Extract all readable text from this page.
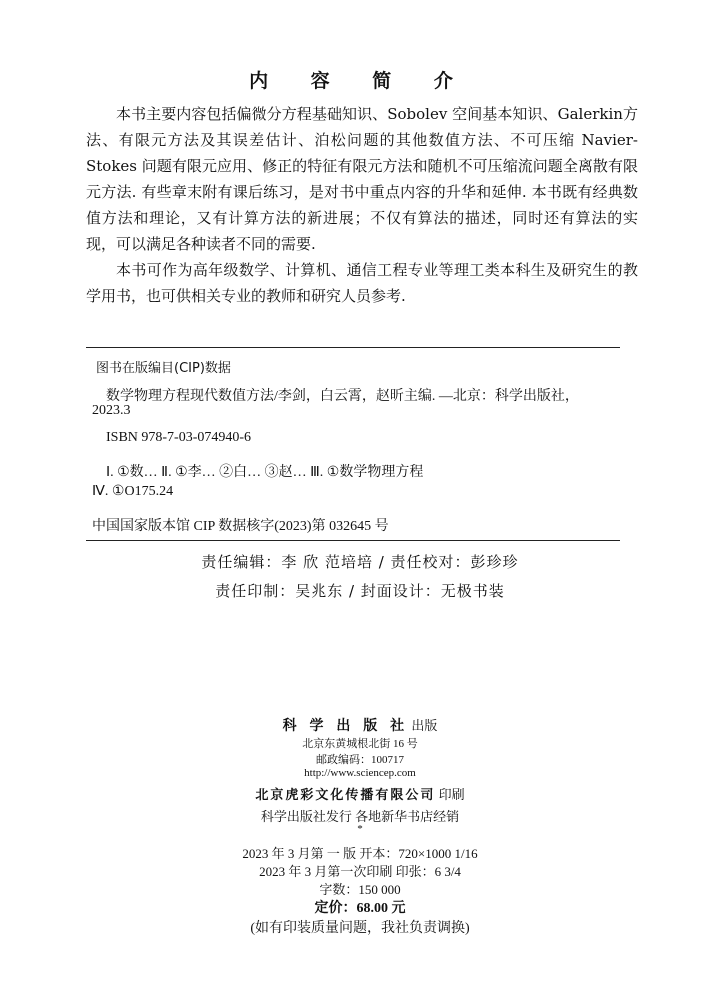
内 容 简 介

本书主要内容包括偏微分方程基础知识、Sobolev 空间基本知识、Galerkin方法、有限元方法及其误差估计、泊松问题的其他数值方法、不可压缩 Navier-Stokes 问题有限元应用、修正的特征有限元方法和随机不可压缩流问题全离散有限元方法. 有些章末附有课后练习，是对书中重点内容的升华和延伸. 本书既有经典数值方法和理论，又有计算方法的新进展；不仅有算法的描述，同时还有算法的实现，可以满足各种读者不同的需要.

本书可作为高年级数学、计算机、通信工程专业等理工类本科生及研究生的教学用书，也可供相关专业的教师和研究人员参考.

图书在版编目(CIP)数据
数学物理方程现代数值方法/李剑，白云霄，赵昕主编. —北京：科学出版社，
2023.3
ISBN 978-7-03-074940-6
Ⅰ. ①数… Ⅱ. ①李… ②白… ③赵… Ⅲ. ①数学物理方程
Ⅳ. ①O175.24
中国国家版本馆 CIP 数据核字(2023)第 032645 号
责任编辑：李 欣 范培培 / 责任校对：彭珍珍
责任印制：吴兆东 / 封面设计：无极书装
科 学 出 版 社 出版
北京东黄城根北街 16 号
邮政编码：100717
http://www.sciencep.com
北京虎彩文化传播有限公司 印刷
科学出版社发行 各地新华书店经销
*
2023 年 3 月第 一 版 开本：720×1000 1/16
2023 年 3 月第一次印刷 印张：6 3/4
字数：150 000
定价：68.00 元
(如有印装质量问题，我社负责调换)
